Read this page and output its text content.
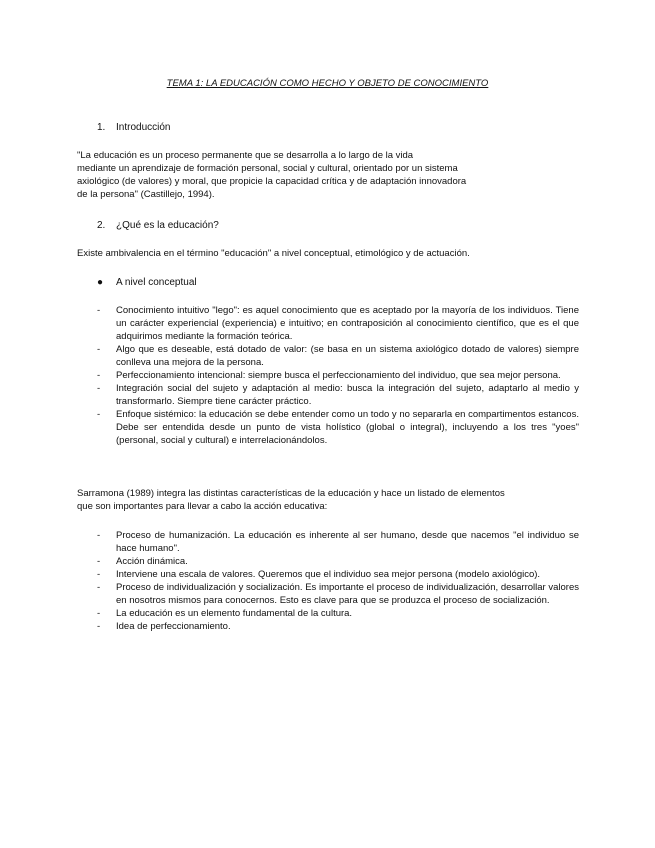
TEMA 1: LA EDUCACIÓN COMO HECHO Y OBJETO DE CONOCIMIENTO
1. Introducción
"La educación es un proceso permanente que se desarrolla a lo largo de la vida
mediante un aprendizaje de formación personal, social y cultural, orientado por un sistema
axiológico (de valores) y moral, que propicie la capacidad crítica y de adaptación innovadora
de la persona" (Castillejo, 1994).
2. ¿Qué es la educación?
Existe ambivalencia en el término "educación" a nivel conceptual, etimológico y de actuación.
● A nivel conceptual
- Conocimiento intuitivo "lego": es aquel conocimiento que es aceptado por la mayoría de los individuos. Tiene un carácter experiencial (experiencia) e intuitivo; en contraposición al conocimiento científico, que es el que adquirimos mediante la formación teórica.
- Algo que es deseable, está dotado de valor: (se basa en un sistema axiológico dotado de valores) siempre conlleva una mejora de la persona.
- Perfeccionamiento intencional: siempre busca el perfeccionamiento del individuo, que sea mejor persona.
- Integración social del sujeto y adaptación al medio: busca la integración del sujeto, adaptarlo al medio y transformarlo. Siempre tiene carácter práctico.
- Enfoque sistémico: la educación se debe entender como un todo y no separarla en compartimentos estancos. Debe ser entendida desde un punto de vista holístico (global o integral), incluyendo a los tres "yoes" (personal, social y cultural) e interrelacionándolos.
Sarramona (1989) integra las distintas características de la educación y hace un listado de elementos
que son importantes para llevar a cabo la acción educativa:
- Proceso de humanización. La educación es inherente al ser humano, desde que nacemos "el individuo se hace humano".
- Acción dinámica.
- Interviene una escala de valores. Queremos que el individuo sea mejor persona (modelo axiológico).
- Proceso de individualización y socialización. Es importante el proceso de individualización, desarrollar valores en nosotros mismos para conocernos. Esto es clave para que se produzca el proceso de socialización.
- La educación es un elemento fundamental de la cultura.
- Idea de perfeccionamiento.
